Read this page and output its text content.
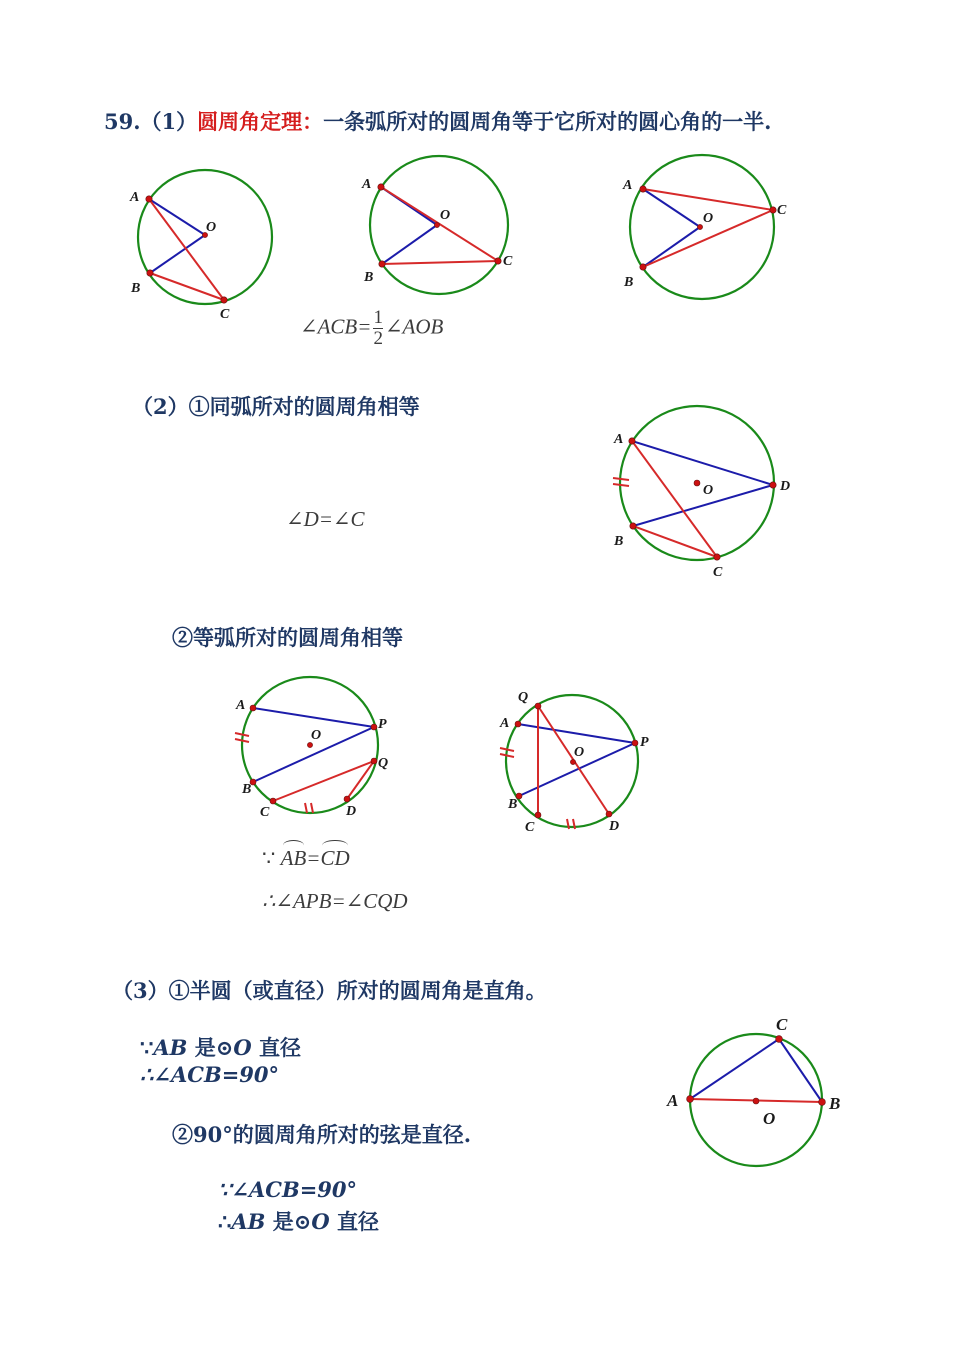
59.（1）圆周角定理：一条弧所对的圆周角等于它所对的圆心角的一半.
A
B
C
O
A
B
C
O
A
B
C
O
∠ACB= $\frac{1}{2}$ ∠AOB
（2）①同弧所对的圆周角相等
∠D=∠C
A
B
C
D
O
②等弧所对的圆周角相等
A
B
C	D
O
P
Q
Q
A
B
C	D
O
P
∵ AB=CD
∴∠APB=∠CQD
（3）①半圆（或直径）所对的圆周角是直角。
∵AB 是⊙O 直径
∴∠ACB=90°
②90°的圆周角所对的弦是直径.
∵∠ACB=90°
∴AB 是⊙O 直径
A	B
C
O
